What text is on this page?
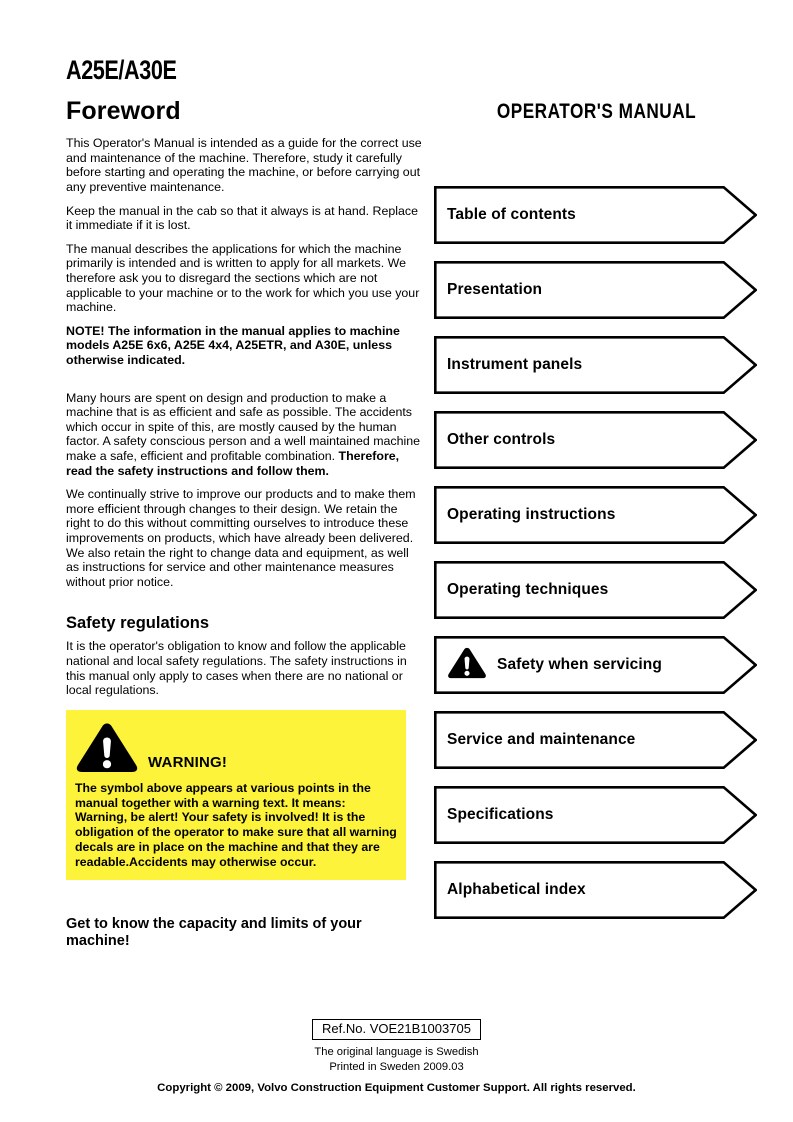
A25E/A30E
Foreword

This Operator's Manual is intended as a guide for the correct use and maintenance of the machine. Therefore, study it carefully before starting and operating the machine, or before carrying out any preventive maintenance.

Keep the manual in the cab so that it always is at hand. Replace it immediate if it is lost.

The manual describes the applications for which the machine primarily is intended and is written to apply for all markets. We therefore ask you to disregard the sections which are not applicable to your machine or to the work for which you use your machine.

NOTE! The information in the manual applies to machine models A25E 6x6, A25E 4x4, A25ETR, and A30E, unless otherwise indicated.

Many hours are spent on design and production to make a machine that is as efficient and safe as possible. The accidents which occur in spite of this, are mostly caused by the human factor. A safety conscious person and a well maintained machine make a safe, efficient and profitable combination. Therefore, read the safety instructions and follow them.

We continually strive to improve our products and to make them more efficient through changes to their design. We retain the right to do this without committing ourselves to introduce these improvements on products, which have already been delivered. We also retain the right to change data and equipment, as well as instructions for service and other maintenance measures without prior notice.

Safety regulations

It is the operator's obligation to know and follow the applicable national and local safety regulations. The safety instructions in this manual only apply to cases when there are no national or local regulations.

WARNING!
The symbol above appears at various points in the manual together with a warning text. It means: Warning, be alert! Your safety is involved! It is the obligation of the operator to make sure that all warning decals are in place on the machine and that they are readable.Accidents may otherwise occur.

Get to know the capacity and limits of your machine!

OPERATOR'S MANUAL
Table of contents
Presentation
Instrument panels
Other controls
Operating instructions
Operating techniques
Safety when servicing
Service and maintenance
Specifications
Alphabetical index
Ref.No. VOE21B1003705
The original language is Swedish
Printed in Sweden 2009.03
Copyright © 2009, Volvo Construction Equipment Customer Support. All rights reserved.
